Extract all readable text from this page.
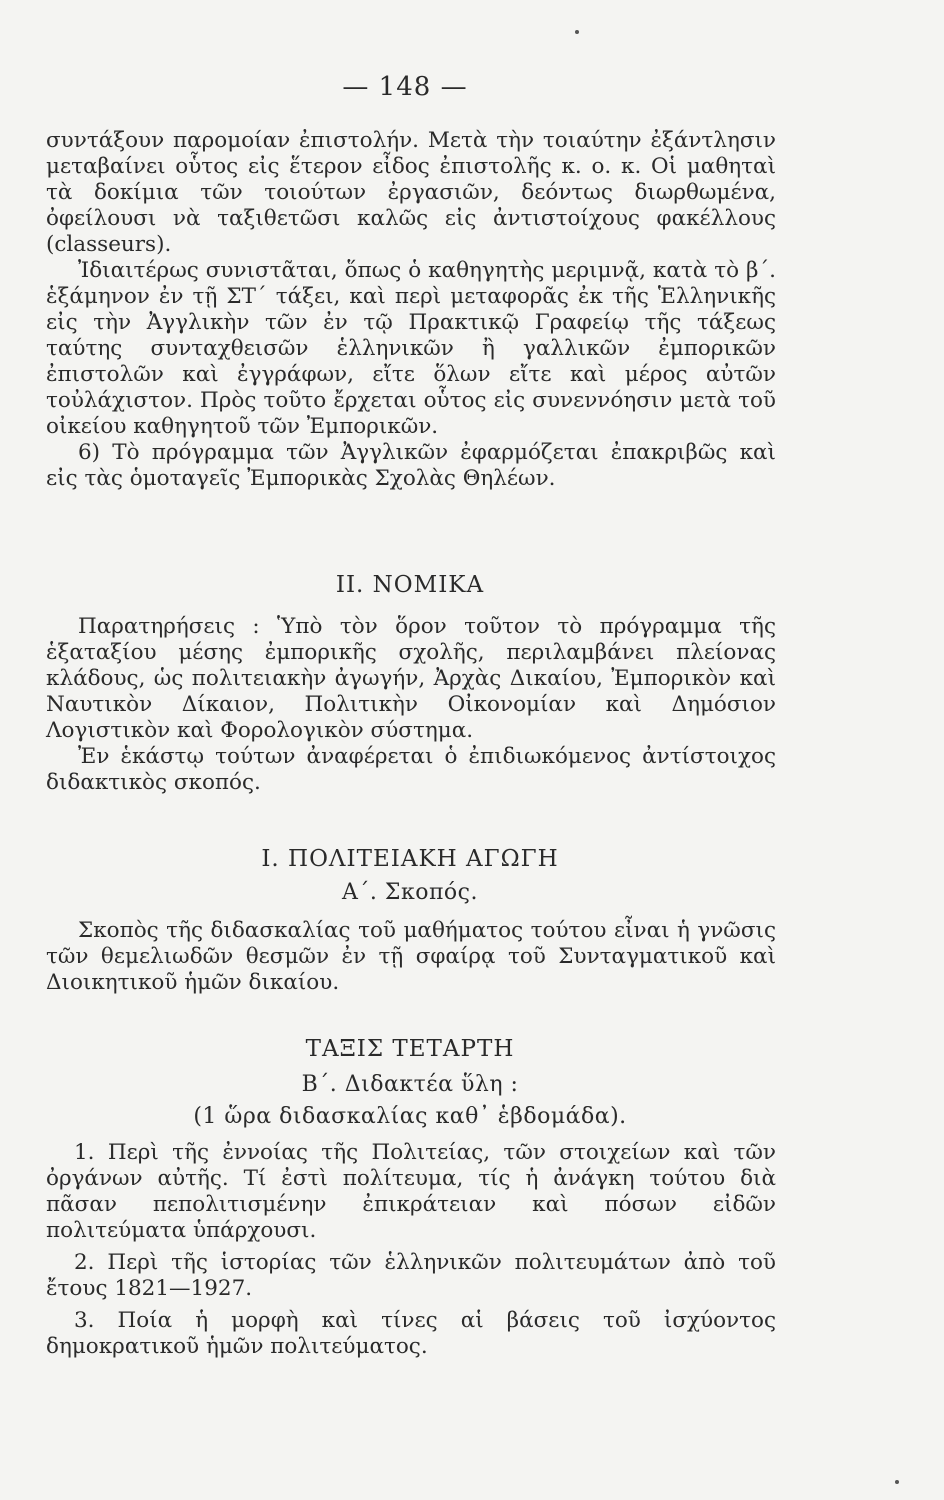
— 148 —

συντάξουν παρομοίαν ἐπιστολήν. Μετὰ τὴν τοιαύτην ἐξάντλησιν μεταβαίνει οὗτος εἰς ἕτερον εἶδος ἐπιστολῆς κ. ο. κ. Οἱ μαθηταὶ τὰ δοκίμια τῶν τοιούτων ἐργασιῶν, δεόντως διωρθωμένα, ὀφείλουσι νὰ ταξιθετῶσι καλῶς εἰς ἀντιστοίχους φακέλλους (classeurs).

Ἰδιαιτέρως συνιστᾶται, ὅπως ὁ καθηγητὴς μεριμνᾷ, κατὰ τὸ β΄. ἑξάμηνον ἐν τῇ ΣΤ΄ τάξει, καὶ περὶ μεταφορᾶς ἐκ τῆς Ἑλληνικῆς εἰς τὴν Ἀγγλικὴν τῶν ἐν τῷ Πρακτικῷ Γραφείῳ τῆς τάξεως ταύτης συνταχθεισῶν ἑλληνικῶν ἢ γαλλικῶν ἐμπορικῶν ἐπιστολῶν καὶ ἐγγράφων, εἴτε ὅλων εἴτε καὶ μέρος αὐτῶν τοὐλάχιστον. Πρὸς τοῦτο ἔρχεται οὗτος εἰς συνεννόησιν μετὰ τοῦ οἰκείου καθηγητοῦ τῶν Ἐμπορικῶν.

6) Τὸ πρόγραμμα τῶν Ἀγγλικῶν ἐφαρμόζεται ἐπακριβῶς καὶ εἰς τὰς ὁμοταγεῖς Ἐμπορικὰς Σχολὰς Θηλέων.

ΙΙ. ΝΟΜΙΚΑ

Παρατηρήσεις : Ὑπὸ τὸν ὅρον τοῦτον τὸ πρόγραμμα τῆς ἑξαταξίου μέσης ἐμπορικῆς σχολῆς, περιλαμβάνει πλείονας κλάδους, ὡς πολιτειακὴν ἀγωγήν, Ἀρχὰς Δικαίου, Ἐμπορικὸν καὶ Ναυτικὸν Δίκαιον, Πολιτικὴν Οἰκονομίαν καὶ Δημόσιον Λογιστικὸν καὶ Φορολογικὸν σύστημα.

Ἐν ἑκάστῳ τούτων ἀναφέρεται ὁ ἐπιδιωκόμενος ἀντίστοιχος διδακτικὸς σκοπός.

Ι. ΠΟΛΙΤΕΙΑΚΗ ΑΓΩΓΗ
Α΄. Σκοπός.

Σκοπὸς τῆς διδασκαλίας τοῦ μαθήματος τούτου εἶναι ἡ γνῶσις τῶν θεμελιωδῶν θεσμῶν ἐν τῇ σφαίρᾳ τοῦ Συνταγματικοῦ καὶ Διοικητικοῦ ἡμῶν δικαίου.

ΤΑΞΙΣ ΤΕΤΑΡΤΗ
Β΄. Διδακτέα ὕλη :
(1 ὥρα διδασκαλίας καθ᾽ ἑβδομάδα).

1. Περὶ τῆς ἐννοίας τῆς Πολιτείας, τῶν στοιχείων καὶ τῶν ὀργάνων αὐτῆς. Τί ἐστὶ πολίτευμα, τίς ἡ ἀνάγκη τούτου διὰ πᾶσαν πεπολιτισμένην ἐπικράτειαν καὶ πόσων εἰδῶν πολιτεύματα ὑπάρχουσι.

2. Περὶ τῆς ἱστορίας τῶν ἑλληνικῶν πολιτευμάτων ἀπὸ τοῦ ἔτους 1821—1927.

3. Ποία ἡ μορφὴ καὶ τίνες αἱ βάσεις τοῦ ἰσχύοντος δημοκρατικοῦ ἡμῶν πολιτεύματος.
